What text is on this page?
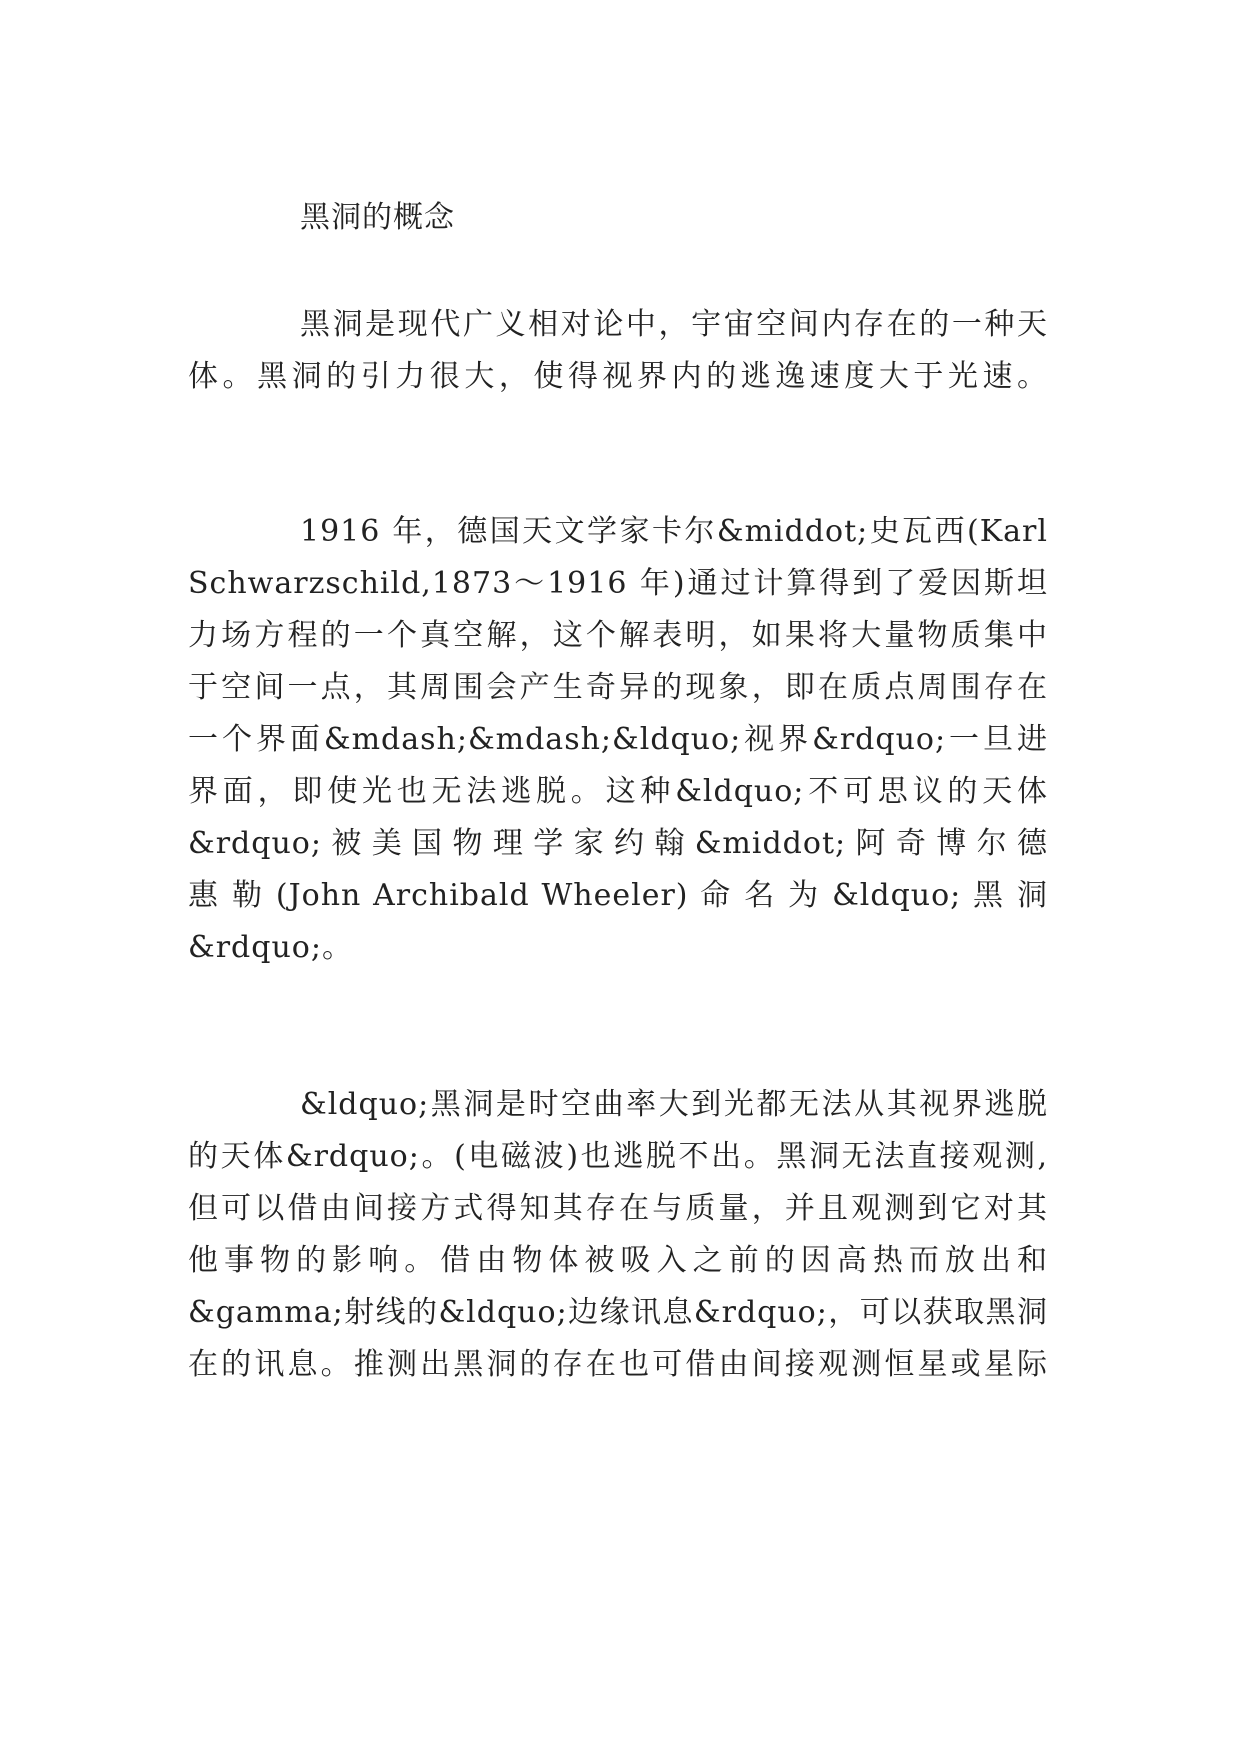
黑洞的概念
黑洞是现代广义相对论中，宇宙空间内存在的一种天
体。黑洞的引力很大，使得视界内的逃逸速度大于光速。
1916 年，德国天文学家卡尔&middot;史瓦西(Karl
Schwarzschild,1873～1916 年)通过计算得到了爱因斯坦
力场方程的一个真空解，这个解表明，如果将大量物质集中
于空间一点，其周围会产生奇异的现象，即在质点周围存在
一个界面&mdash;&mdash;&ldquo;视界&rdquo;一旦进
界面，即使光也无法逃脱。这种&ldquo;不可思议的天体
&rdquo;被美国物理学家约翰&middot;阿奇博尔德
惠 勒 (John Archibald Wheeler) 命 名 为 &ldquo; 黑 洞
&rdquo;。
&ldquo;黑洞是时空曲率大到光都无法从其视界逃脱
的天体&rdquo;。(电磁波)也逃脱不出。黑洞无法直接观测,
但可以借由间接方式得知其存在与质量，并且观测到它对其
他事物的影响。借由物体被吸入之前的因高热而放出和
&gamma;射线的&ldquo;边缘讯息&rdquo;，可以获取黑洞
在的讯息。推测出黑洞的存在也可借由间接观测恒星或星际
